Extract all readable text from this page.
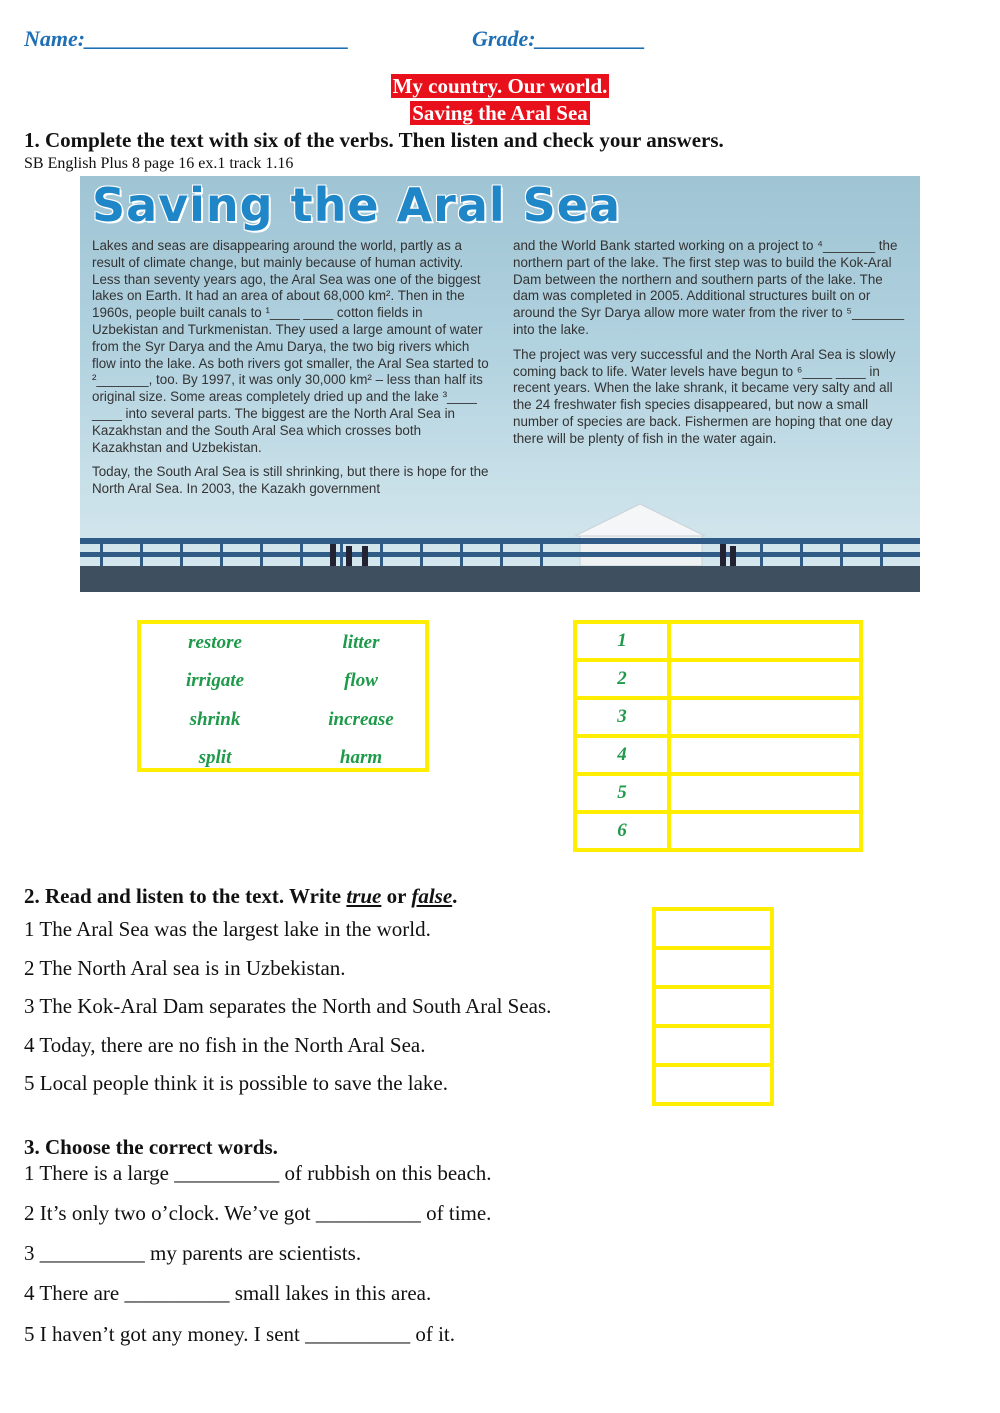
Name:________________________	Grade:__________
My country. Our world.
Saving the Aral Sea
1. Complete the text with six of the verbs. Then listen and check your answers.
SB English Plus 8 page 16 ex.1 track 1.16
Saving the Aral Sea

Lakes and seas are disappearing around the world, partly as a result of climate change, but mainly because of human activity. Less than seventy years ago, the Aral Sea was one of the biggest lakes on Earth. It had an area of about 68,000 km². Then in the 1960s, people built canals to ¹____ ____ cotton fields in Uzbekistan and Turkmenistan. They used a large amount of water from the Syr Darya and the Amu Darya, the two big rivers which flow into the lake. As both rivers got smaller, the Aral Sea started to ²_______, too. By 1997, it was only 30,000 km² – less than half its original size. Some areas completely dried up and the lake ³____ ____ into several parts. The biggest are the North Aral Sea in Kazakhstan and the South Aral Sea which crosses both Kazakhstan and Uzbekistan.

Today, the South Aral Sea is still shrinking, but there is hope for the North Aral Sea. In 2003, the Kazakh government

and the World Bank started working on a project to ⁴_______ the northern part of the lake. The first step was to build the Kok-Aral Dam between the northern and southern parts of the lake. The dam was completed in 2005. Additional structures built on or around the Syr Darya allow more water from the river to ⁵_______ into the lake.

The project was very successful and the North Aral Sea is slowly coming back to life. Water levels have begun to ⁶____ ____ in recent years. When the lake shrank, it became very salty and all the 24 freshwater fish species disappeared, but now a small number of species are back. Fishermen are hoping that one day there will be plenty of fish in the water again.

restore	litter
irrigate	flow
shrink	increase
split	harm
1
2
3
4
5
6
2. Read and listen to the text. Write true or false.
1 The Aral Sea was the largest lake in the world.
2 The North Aral sea is in Uzbekistan.
3 The Kok-Aral Dam separates the North and South Aral Seas.
4 Today, there are no fish in the North Aral Sea.
5 Local people think it is possible to save the lake.
3. Choose the correct words.
1 There is a large __________ of rubbish on this beach.
2 It’s only two o’clock. We’ve got __________ of time.
3 __________ my parents are scientists.
4 There are __________ small lakes in this area.
5 I haven’t got any money. I sent __________ of it.
